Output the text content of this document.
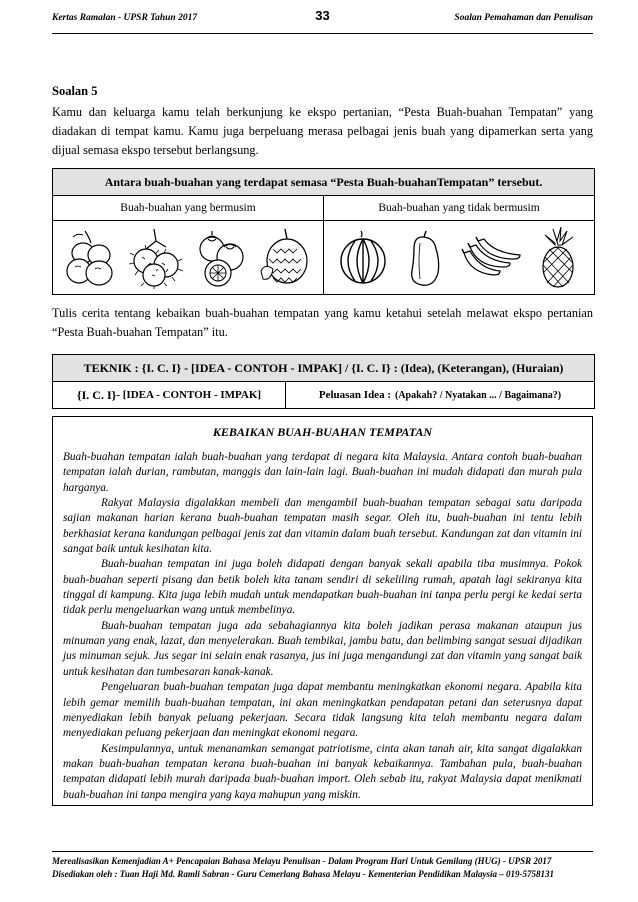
Kertas Ramalan - UPSR Tahun 2017	33	Soalan Pemahaman dan Penulisan
Soalan 5
Kamu dan keluarga kamu telah berkunjung ke ekspo pertanian, “Pesta Buah-buahan Tempatan” yang diadakan di tempat kamu. Kamu juga berpeluang merasa pelbagai jenis buah yang dipamerkan serta yang dijual semasa ekspo tersebut berlangsung.
Antara buah-buahan yang terdapat semasa “Pesta Buah-buahanTempatan” tersebut.
Buah-buahan yang bermusim	Buah-buahan yang tidak bermusim
Tulis cerita tentang kebaikan buah-buahan tempatan yang kamu ketahui setelah melawat ekspo pertanian “Pesta Buah-buahan Tempatan” itu.
TEKNIK : {I. C. I} - [IDEA - CONTOH - IMPAK] / {I. C. I} : (Idea), (Keterangan), (Huraian)
{I. C. I} - [IDEA - CONTOH - IMPAK]	Peluasan Idea : (Apakah? / Nyatakan ... / Bagaimana?)
KEBAIKAN BUAH-BUAHAN TEMPATAN

Buah-buahan tempatan ialah buah-buahan yang terdapat di negara kita Malaysia. Antara contoh buah-buahan tempatan ialah durian, rambutan, manggis dan lain-lain lagi. Buah-buahan ini mudah didapati dan murah pula harganya.

Rakyat Malaysia digalakkan membeli dan mengambil buah-buahan tempatan sebagai satu daripada sajian makanan harian kerana buah-buahan tempatan masih segar. Oleh itu, buah-buahan ini tentu lebih berkhasiat kerana kandungan pelbagai jenis zat dan vitamin dalam buah tersebut. Kandungan zat dan vitamin ini sangat baik untuk kesihatan kita.

Buah-buahan tempatan ini juga boleh didapati dengan banyak sekali apabila tiba musimnya. Pokok buah-buahan seperti pisang dan betik boleh kita tanam sendiri di sekeliling rumah, apatah lagi sekiranya kita tinggal di kampung. Kita juga lebih mudah untuk mendapatkan buah-buahan ini tanpa perlu pergi ke kedai serta tidak perlu mengeluarkan wang untuk membelinya.

Buah-buahan tempatan juga ada sebahagiannya kita boleh jadikan perasa makanan ataupun jus minuman yang enak, lazat, dan menyelerakan. Buah tembikai, jambu batu, dan belimbing sangat sesuai dijadikan jus minuman sejuk. Jus segar ini selain enak rasanya, jus ini juga mengandungi zat dan vitamin yang sangat baik untuk kesihatan dan tumbesaran kanak-kanak.

Pengeluaran buah-buahan tempatan juga dapat membantu meningkatkan ekonomi negara. Apabila kita lebih gemar memilih buah-buahan tempatan, ini akan meningkatkan pendapatan petani dan seterusnya dapat menyediakan lebih banyak peluang pekerjaan. Secara tidak langsung kita telah membantu negara dalam menyediakan peluang pekerjaan dan meningkat ekonomi negara.

Kesimpulannya, untuk menanamkan semangat patriotisme, cinta akan tanah air, kita sangat digalakkan makan buah-buahan tempatan kerana buah-buahan ini banyak kebaikannya. Tambahan pula, buah-buahan tempatan didapati lebih murah daripada buah-buahan import. Oleh sebab itu, rakyat Malaysia dapat menikmati buah-buahan ini tanpa mengira yang kaya mahupun yang miskin.

Merealisasikan Kemenjadian A+ Pencapaian Bahasa Melayu Penulisan - Dalam Program Hari Untuk Gemilang (HUG) - UPSR 2017
Disediakan oleh : Tuan Haji Md. Ramli Sabran - Guru Cemerlang Bahasa Melayu - Kementerian Pendidikan Malaysia – 019-5758131
